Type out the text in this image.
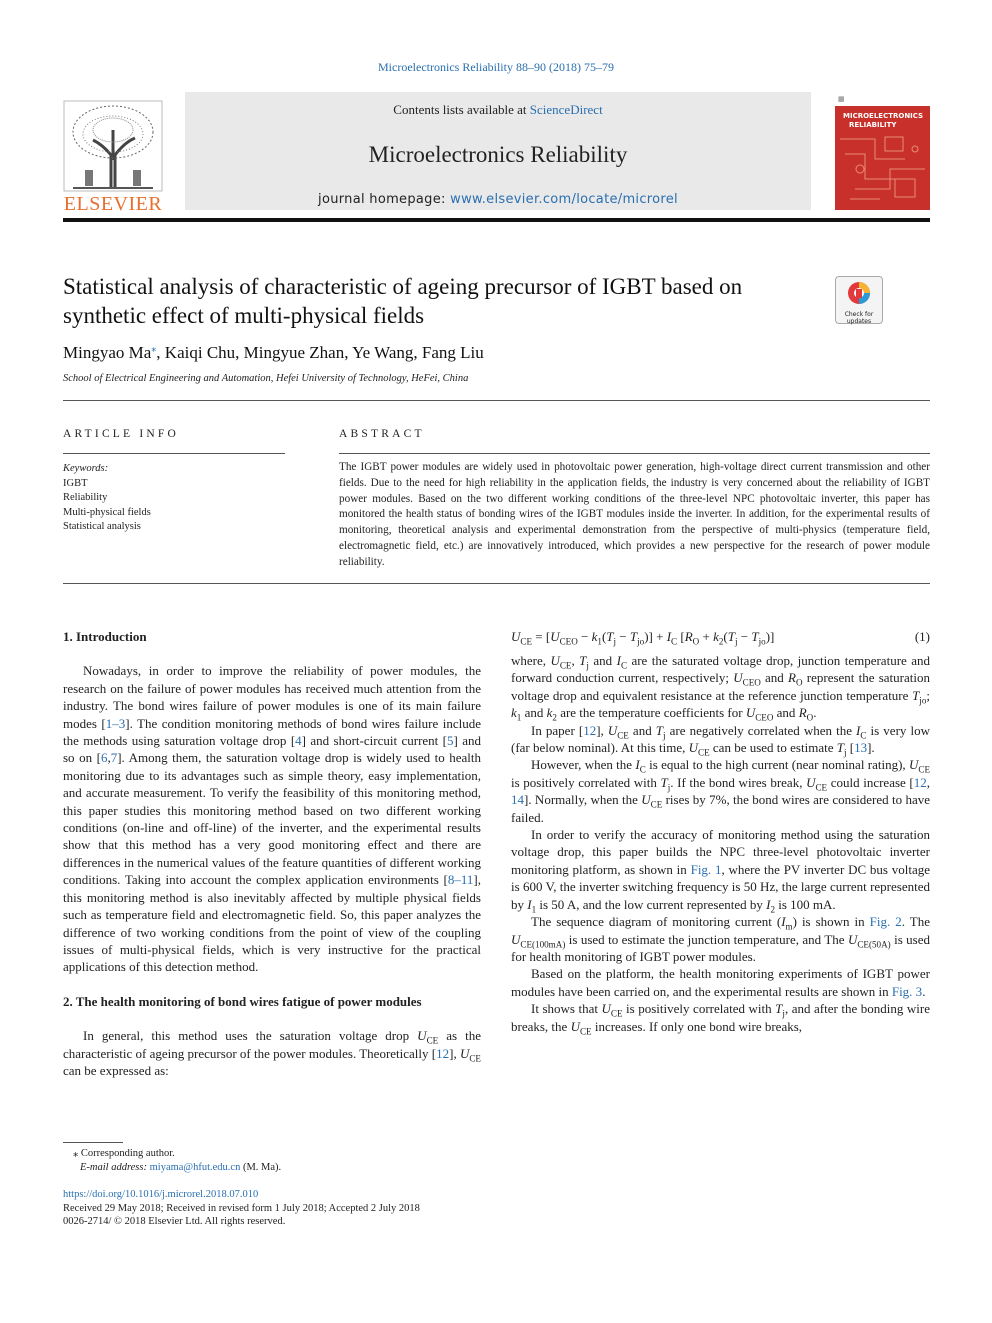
Microelectronics Reliability 88–90 (2018) 75–79
ELSEVIER
Contents lists available at ScienceDirect
Microelectronics Reliability
journal homepage: www.elsevier.com/locate/microrel
▦
MICROELECTRONICS
RELIABILITY
Statistical analysis of characteristic of ageing precursor of IGBT based on synthetic effect of multi-physical fields	Check for
updates
Mingyao Ma⁎, Kaiqi Chu, Mingyue Zhan, Ye Wang, Fang Liu
School of Electrical Engineering and Automation, Hefei University of Technology, HeFei, China
ARTICLE INFO
Keywords:
IGBT
Reliability
Multi-physical fields
Statistical analysis
ABSTRACT
The IGBT power modules are widely used in photovoltaic power generation, high-voltage direct current transmission and other fields. Due to the need for high reliability in the application fields, the industry is very concerned about the reliability of IGBT power modules. Based on the two different working conditions of the three-level NPC photovoltaic inverter, this paper has monitored the health status of bonding wires of the IGBT modules inside the inverter. In addition, for the experimental results of monitoring, theoretical analysis and experimental demonstration from the perspective of multi-physics (temperature field, electromagnetic field, etc.) are innovatively introduced, which provides a new perspective for the research of power module reliability.
1. Introduction

Nowadays, in order to improve the reliability of power modules, the research on the failure of power modules has received much attention from the industry. The bond wires failure of power modules is one of its main failure modes [1–3]. The condition monitoring methods of bond wires failure include the methods using saturation voltage drop [4] and short-circuit current [5] and so on [6,7]. Among them, the saturation voltage drop is widely used to health monitoring due to its advantages such as simple theory, easy implementation, and accurate measurement. To verify the feasibility of this monitoring method, this paper studies this monitoring method based on two different working conditions (on-line and off-line) of the inverter, and the experimental results show that this method has a very good monitoring effect and there are differences in the numerical values of the feature quantities of different working conditions. Taking into account the complex application environments [8–11], this monitoring method is also inevitably affected by multiple physical fields such as temperature field and electromagnetic field. So, this paper analyzes the difference of two working conditions from the point of view of the coupling issues of multi-physical fields, which is very instructive for the practical applications of this detection method.

2. The health monitoring of bond wires fatigue of power modules

In general, this method uses the saturation voltage drop $U_{CE}$ as the characteristic of ageing precursor of the power modules. Theoretically [12], $U_{CE}$ can be expressed as:

$U_{CE} = [U_{CEO} - k_1(T_j - T_{jo})] + I_C$ $[R_O + k_2(T_j - T_{jo})]$	(1)

where, $U_{CE}$, $T_j$ and $I_C$ are the saturated voltage drop, junction temperature and forward conduction current, respectively; $U_{CEO}$ and $R_O$ represent the saturation voltage drop and equivalent resistance at the reference junction temperature $T_{jo}$; $k_1$ and $k_2$ are the temperature coefficients for $U_{CEO}$ and $R_O$.

In paper [12], $U_{CE}$ and $T_j$ are negatively correlated when the $I_C$ is very low (far below nominal). At this time, $U_{CE}$ can be used to estimate $T_j$ [13].

However, when the $I_C$ is equal to the high current (near nominal rating), $U_{CE}$ is positively correlated with $T_j$. If the bond wires break, $U_{CE}$ could increase [12, 14]. Normally, when the $U_{CE}$ rises by 7%, the bond wires are considered to have failed.

In order to verify the accuracy of monitoring method using the saturation voltage drop, this paper builds the NPC three-level photovoltaic inverter monitoring platform, as shown in Fig. 1, where the PV inverter DC bus voltage is 600 V, the inverter switching frequency is 50 Hz, the large current represented by $I_1$ is 50 A, and the low current represented by $I_2$ is 100 mA.

The sequence diagram of monitoring current $(I_m)$ is shown in Fig. 2. The $U_{CE(100mA)}$ is used to estimate the junction temperature, and The $U_{CE(50A)}$ is used for health monitoring of IGBT power modules.

Based on the platform, the health monitoring experiments of IGBT power modules have been carried on, and the experimental results are shown in Fig. 3.

It shows that $U_{CE}$ is positively correlated with $T_j$, and after the bonding wire breaks, the $U_{CE}$ increases. If only one bond wire breaks,

⁎ Corresponding author.
E-mail address: miyama@hfut.edu.cn (M. Ma).
https://doi.org/10.1016/j.microrel.2018.07.010
Received 29 May 2018; Received in revised form 1 July 2018; Accepted 2 July 2018
0026-2714/ © 2018 Elsevier Ltd. All rights reserved.
